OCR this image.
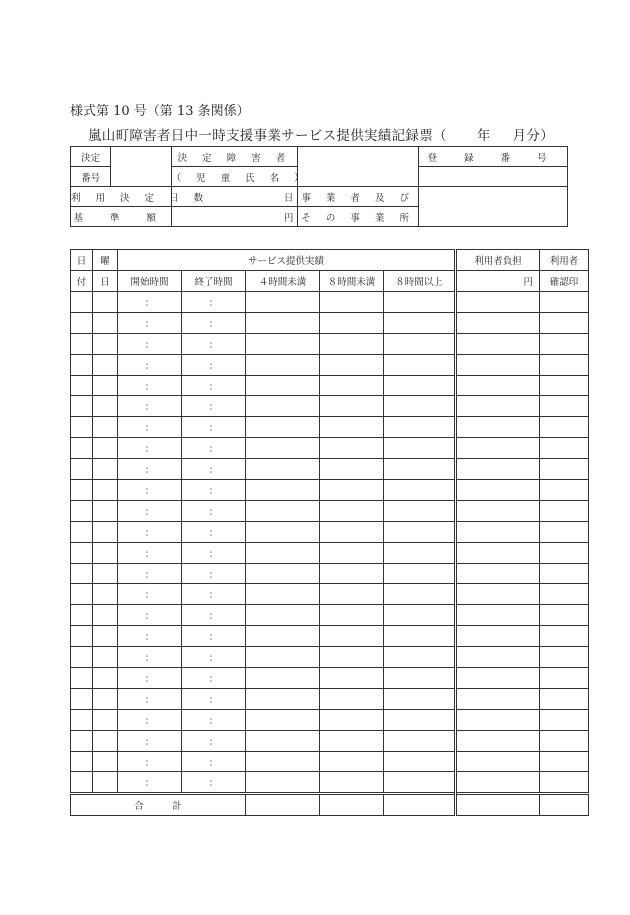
様式第 10 号（第 13 条関係）
嵐山町障害者日中一時支援事業サービス提供実績記録票（ 年 月分）
決定		決 定 障 害 者		登 録 番 号
番号		（ 児 童 氏 名 ）		
利 用 決 定 日 数		日	事 業 者 及 び	
基 準 額		円	そ の 事 業 所	
日	曜	サービス提供実績					利用者負担	利用者
付	日	開始時間	終了時間	４時間未満	８時間未満	８時間以上	円	確認印
		：	：					
		：	：					
		：	：					
		：	：					
		：	：					
		：	：					
		：	：					
		：	：					
		：	：					
		：	：					
		：	：					
		：	：					
		：	：					
		：	：					
		：	：					
		：	：					
		：	：					
		：	：					
		：	：					
		：	：					
		：	：					
		：	：					
		：	：					
		：	：					
合　　　計								
